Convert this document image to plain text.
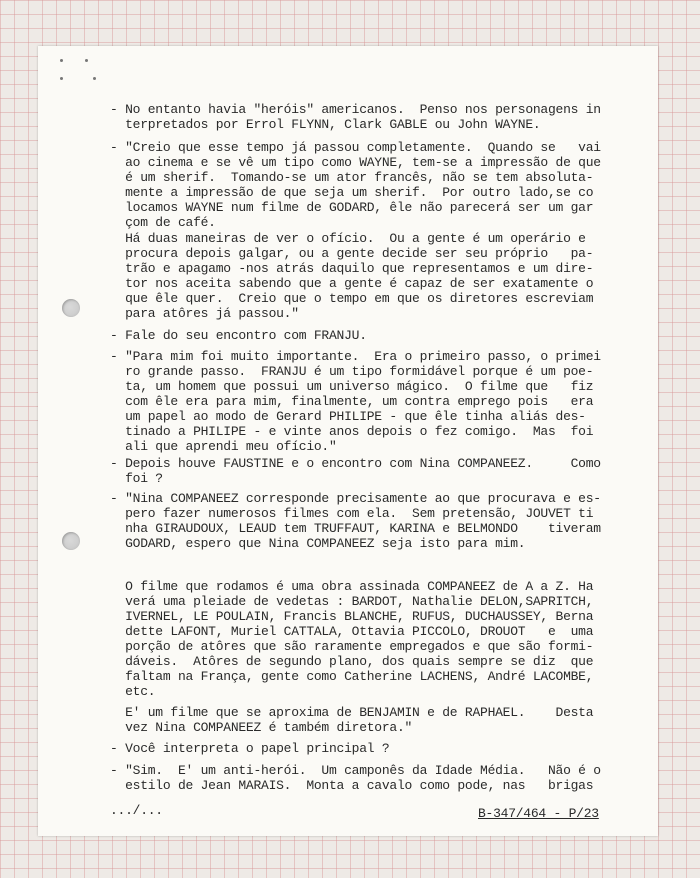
- No entanto havia "heróis" americanos.  Penso nos personagens in

terpretados por Errol FLYNN, Clark GABLE ou John WAYNE.

- "Creio que esse tempo já passou completamente.  Quando se   vai

ao cinema e se vê um tipo como WAYNE, tem-se a impressão de que

é um sherif.  Tomando-se um ator francês, não se tem absoluta-

mente a impressão de que seja um sherif.  Por outro lado,se co

locamos WAYNE num filme de GODARD, êle não parecerá ser um gar

çom de café.

Há duas maneiras de ver o ofício.  Ou a gente é um operário e

procura depois galgar, ou a gente decide ser seu próprio   pa-

trão e apagamo -nos atrás daquilo que representamos e um dire-

tor nos aceita sabendo que a gente é capaz de ser exatamente o

que êle quer.  Creio que o tempo em que os diretores escreviam

para atôres já passou."

- Fale do seu encontro com FRANJU.

- "Para mim foi muito importante.  Era o primeiro passo, o primei

ro grande passo.  FRANJU é um tipo formidável porque é um poe-

ta, um homem que possui um universo mágico.  O filme que   fiz

com êle era para mim, finalmente, um contra emprego pois   era

um papel ao modo de Gerard PHILIPE - que êle tinha aliás des-

tinado a PHILIPE - e vinte anos depois o fez comigo.  Mas  foi

ali que aprendi meu ofício."

- Depois houve FAUSTINE e o encontro com Nina COMPANEEZ.     Como

foi ?

- "Nina COMPANEEZ corresponde precisamente ao que procurava e es-

pero fazer numerosos filmes com ela.  Sem pretensão, JOUVET ti

nha GIRAUDOUX, LEAUD tem TRUFFAUT, KARINA e BELMONDO    tiveram

GODARD, espero que Nina COMPANEEZ seja isto para mim.

O filme que rodamos é uma obra assinada COMPANEEZ de A a Z. Ha

verá uma pleiade de vedetas : BARDOT, Nathalie DELON,SAPRITCH,

IVERNEL, LE POULAIN, Francis BLANCHE, RUFUS, DUCHAUSSEY, Berna

dette LAFONT, Muriel CATTALA, Ottavia PICCOLO, DROUOT   e  uma

porção de atôres que são raramente empregados e que são formi-

dáveis.  Atôres de segundo plano, dos quais sempre se diz  que

faltam na França, gente como Catherine LACHENS, André LACOMBE,

etc.

E' um filme que se aproxima de BENJAMIN e de RAPHAEL.    Desta

vez Nina COMPANEEZ é também diretora."

- Você interpreta o papel principal ?

- "Sim.  E' um anti-herói.  Um camponês da Idade Média.   Não é o

estilo de Jean MARAIS.  Monta a cavalo como pode, nas   brigas

.../...	B-347/464 - P/23
